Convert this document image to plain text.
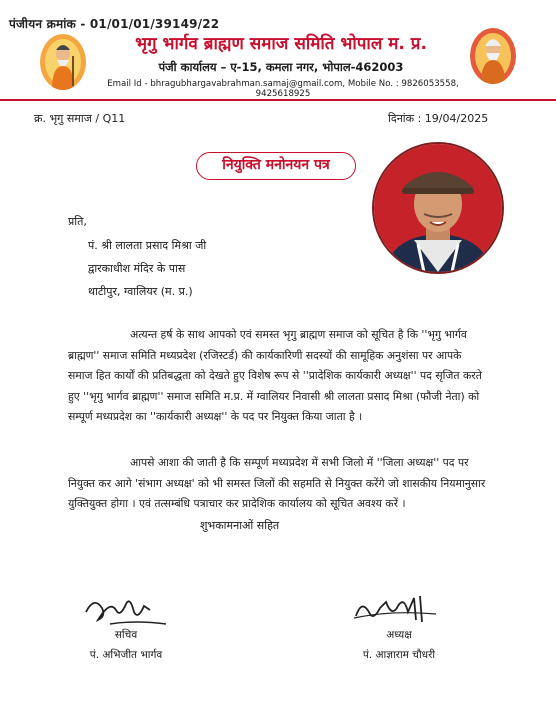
पंजीयन क्रमांक - 01/01/01/39149/22
भृगु भार्गव ब्राह्मण समाज समिति भोपाल म. प्र.
पंजी कार्यालय – ए-15, कमला नगर, भोपाल-462003
Email Id - bhragubhargavabrahman.samaj@gmail.com, Mobile No. : 9826053558, 9425618925
क्र. भृगु समाज / Q11	दिनांक : 19/04/2025
नियुक्ति मनोनयन पत्र
प्रति,
पं. श्री लालता प्रसाद मिश्रा जी
द्वारकाधीश मंदिर के पास
थाटीपुर, ग्वालियर (म. प्र.)
अत्यन्त हर्ष के साथ आपको एवं समस्त भृगु ब्राह्मण समाज को सूचित है कि ''भृगु भार्गव
ब्राह्मण'' समाज समिति मध्यप्रदेश (रजिस्टर्ड) की कार्यकारिणी सदस्यों की सामूहिक अनुशंसा पर आपके
समाज हित कार्यों की प्रतिबद्धता को देखते हुए विशेष रूप से ''प्रादेशिक कार्यकारी अध्यक्ष'' पद सृजित करते
हुए ''भृगु भार्गव ब्राह्मण'' समाज समिति म.प्र. में ग्वालियर निवासी श्री लालता प्रसाद मिश्रा (फौजी नेता) को
सम्पूर्ण मध्यप्रदेश का ''कार्यकारी अध्यक्ष'' के पद पर नियुक्त किया जाता है ।
आपसे आशा की जाती है कि सम्पूर्ण मध्यप्रदेश में सभी जिलो में ''जिला अध्यक्ष'' पद पर
नियुक्त कर आगे 'संभाग अध्यक्ष' को भी समस्त जिलों की सहमति से नियुक्त करेंगे जो शासकीय नियमानुसार
युक्तियुक्त होगा । एवं तत्सम्बंधि पत्राचार कर प्रादेशिक कार्यालय को सूचित अवश्य करें ।
शुभकामनाओं सहित
सचिव
पं. अभिजीत भार्गव
अध्यक्ष
पं. आज्ञाराम चौधरी
